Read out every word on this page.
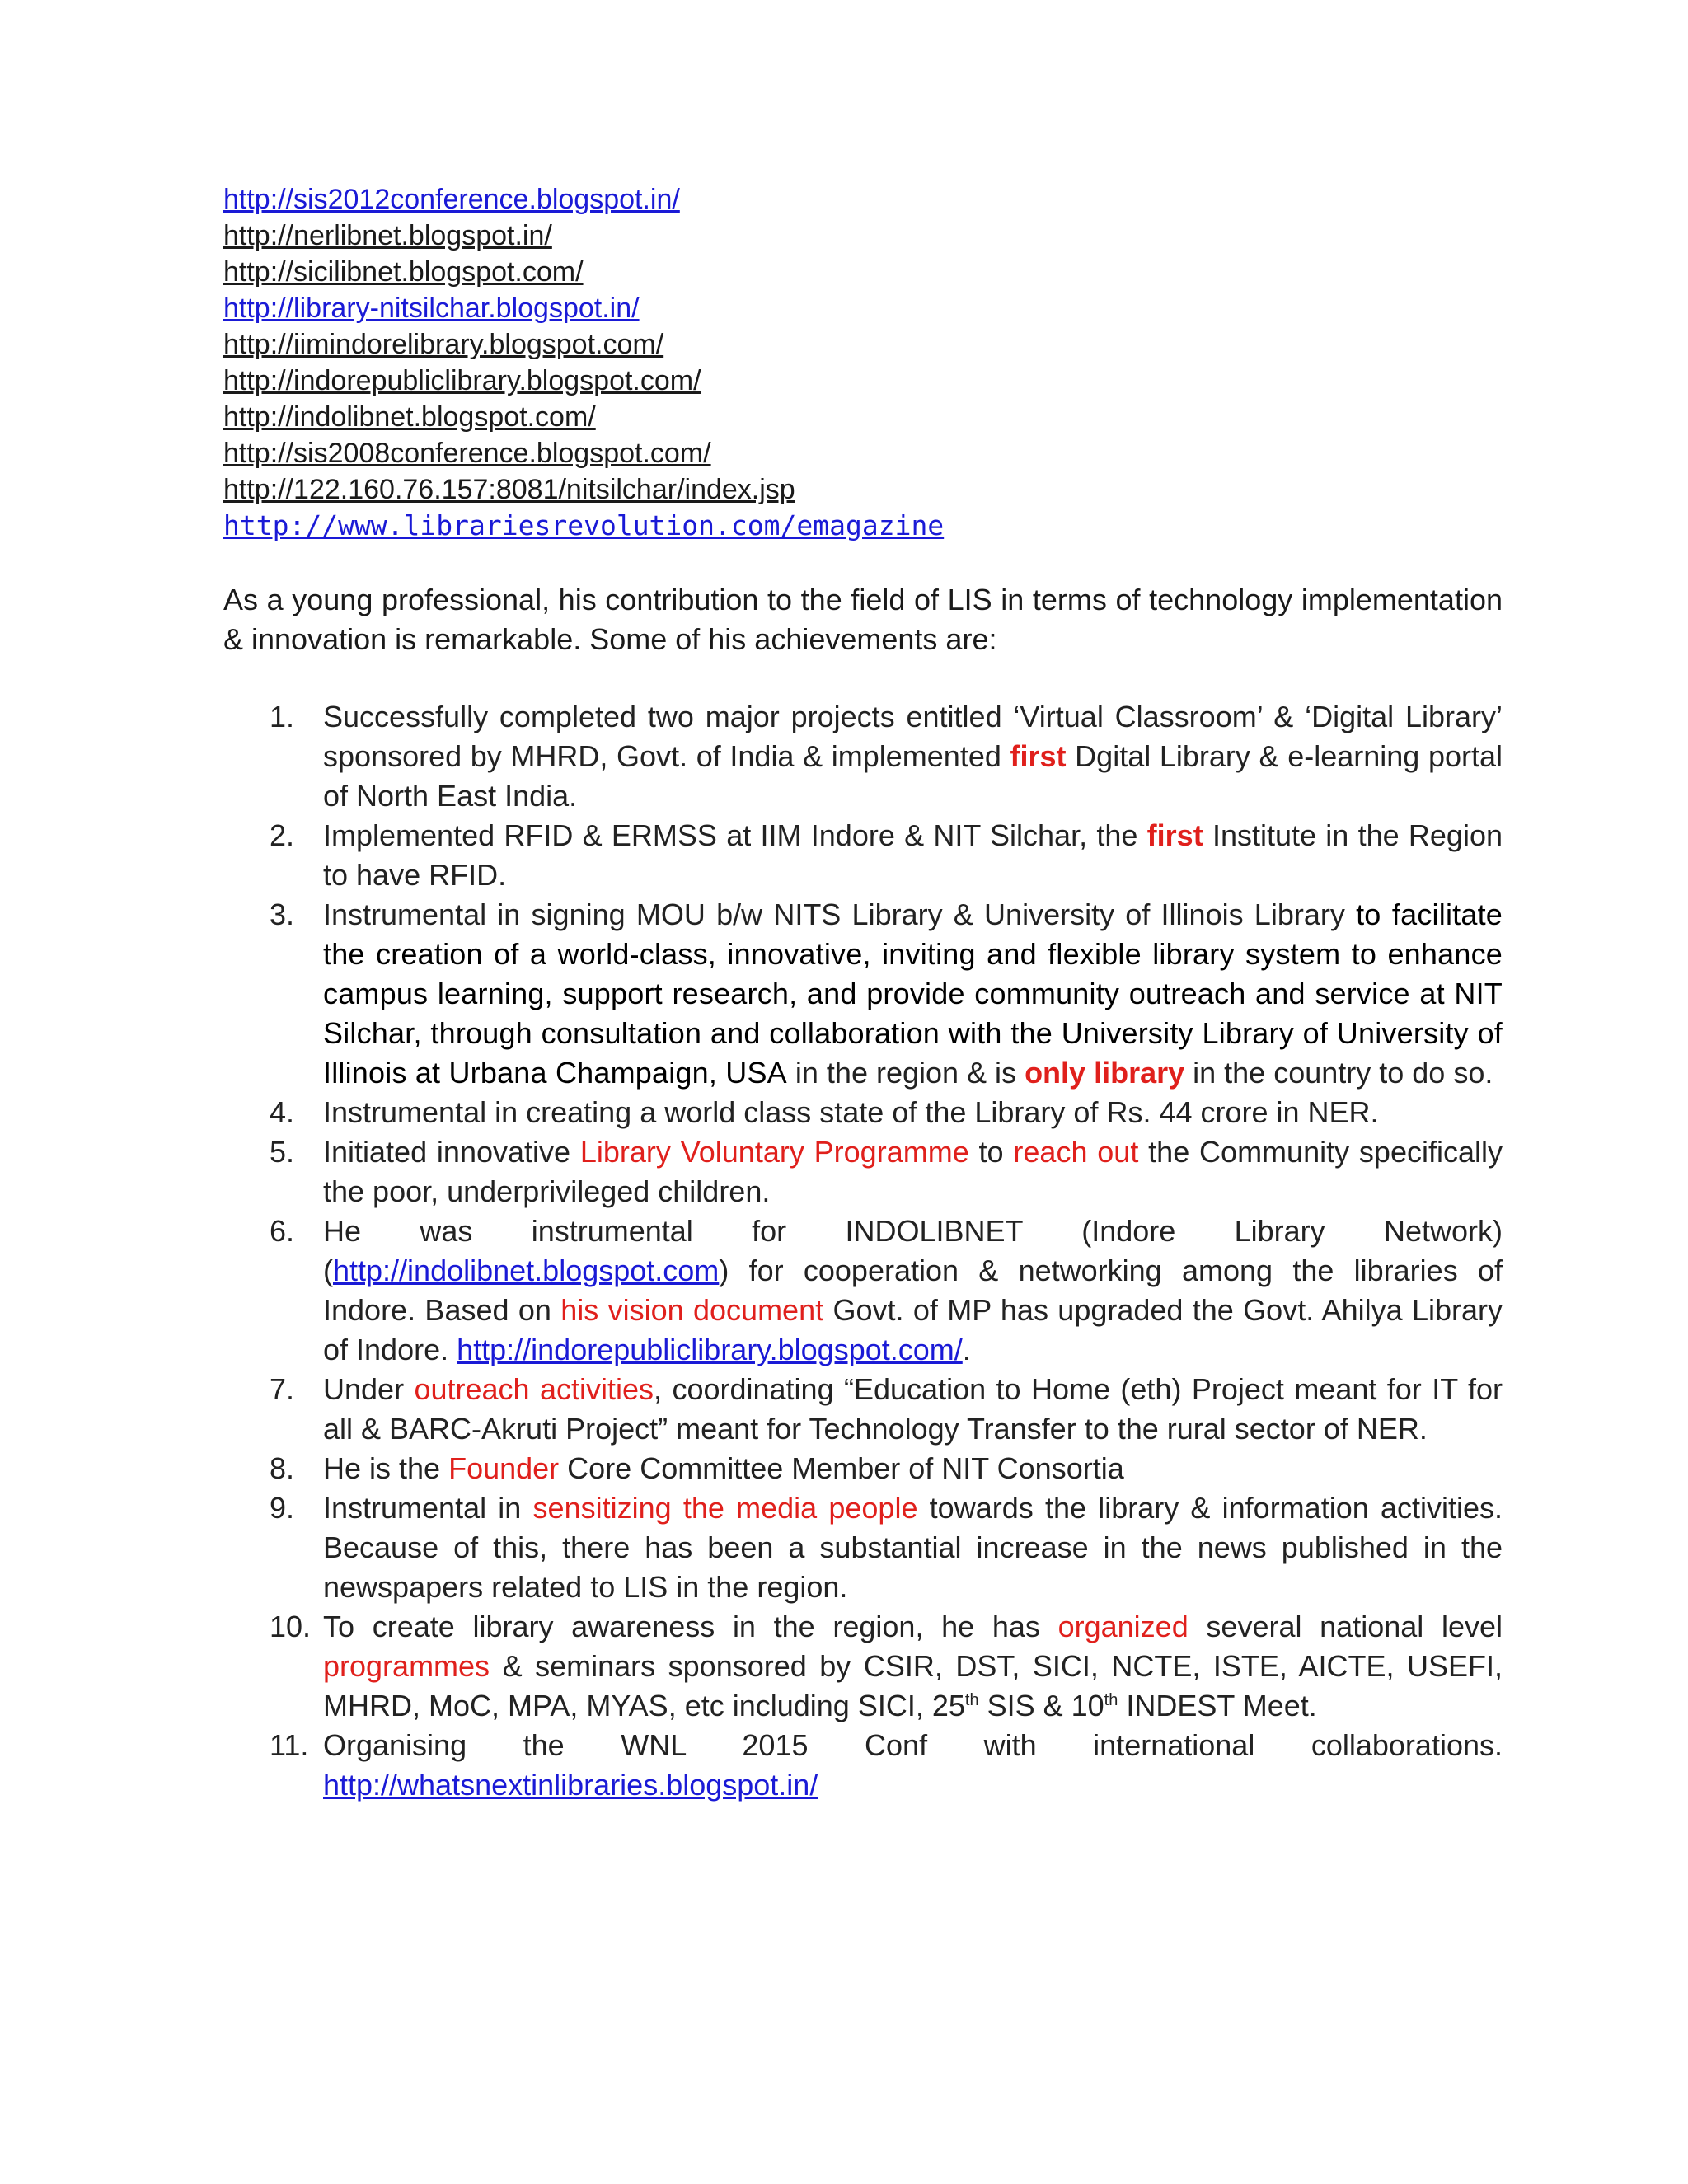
http://sis2012conference.blogspot.in/
http://nerlibnet.blogspot.in/
http://sicilibnet.blogspot.com/
http://library-nitsilchar.blogspot.in/
http://iimindorelibrary.blogspot.com/
http://indorepubliclibrary.blogspot.com/
http://indolibnet.blogspot.com/
http://sis2008conference.blogspot.com/
http://122.160.76.157:8081/nitsilchar/index.jsp
http://www.librariesrevolution.com/emagazine

As a young professional, his contribution to the field of LIS in terms of technology implementation & innovation is remarkable. Some of his achievements are:

1. Successfully completed two major projects entitled ‘Virtual Classroom’ & ‘Digital Library’ sponsored by MHRD, Govt. of India & implemented first Dgital Library & e-learning portal of North East India.
2. Implemented RFID & ERMSS at IIM Indore & NIT Silchar, the first Institute in the Region to have RFID.
3. Instrumental in signing MOU b/w NITS Library & University of Illinois Library to facilitate the creation of a world-class, innovative, inviting and flexible library system to enhance campus learning, support research, and provide community outreach and service at NIT Silchar, through consultation and collaboration with the University Library of University of Illinois at Urbana Champaign, USA in the region & is only library in the country to do so.
4. Instrumental in creating a world class state of the Library of Rs. 44 crore in NER.
5. Initiated innovative Library Voluntary Programme to reach out the Community specifically the poor, underprivileged children.
6. He was instrumental for INDOLIBNET (Indore Library Network) (http://indolibnet.blogspot.com) for cooperation & networking among the libraries of Indore. Based on his vision document Govt. of MP has upgraded the Govt. Ahilya Library of Indore. http://indorepubliclibrary.blogspot.com/.
7. Under outreach activities, coordinating “Education to Home (eth) Project meant for IT for all & BARC-Akruti Project” meant for Technology Transfer to the rural sector of NER.
8. He is the Founder Core Committee Member of NIT Consortia
9. Instrumental in sensitizing the media people towards the library & information activities. Because of this, there has been a substantial increase in the news published in the newspapers related to LIS in the region.
10. To create library awareness in the region, he has organized several national level programmes & seminars sponsored by CSIR, DST, SICI, NCTE, ISTE, AICTE, USEFI, MHRD, MoC, MPA, MYAS, etc including SICI, 25th SIS & 10th INDEST Meet.
11. Organising the WNL 2015 Conf with international collaborations. http://whatsnextinlibraries.blogspot.in/
